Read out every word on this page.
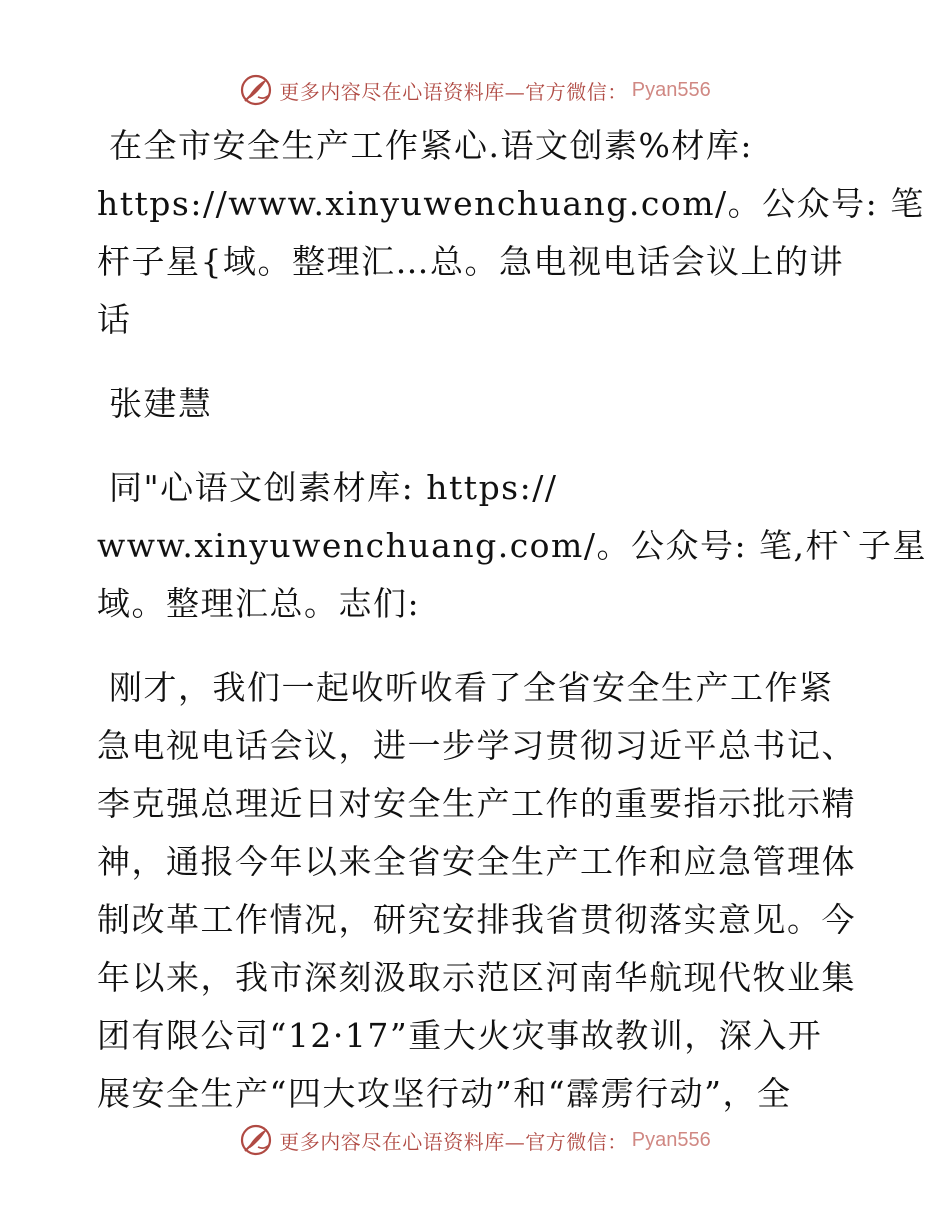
更多内容尽在心语资料库—官方微信： Pyan556

在全市安全生产工作紧心.语文创素%材库:
https://www.xinyuwenchuang.com/。公众号: 笔
杆子星{域。整理汇…总。急电视电话会议上的讲
话

张建慧

同"心语文创素材库: https://
www.xinyuwenchuang.com/。公众号: 笔,杆`子星
域。整理汇总。志们:

刚才，我们一起收听收看了全省安全生产工作紧
急电视电话会议，进一步学习贯彻习近平总书记、
李克强总理近日对安全生产工作的重要指示批示精
神，通报今年以来全省安全生产工作和应急管理体
制改革工作情况，研究安排我省贯彻落实意见。今
年以来，我市深刻汲取示范区河南华航现代牧业集
团有限公司“12·17”重大火灾事故教训，深入开
展安全生产“四大攻坚行动”和“霹雳行动”，全

更多内容尽在心语资料库—官方微信： Pyan556
